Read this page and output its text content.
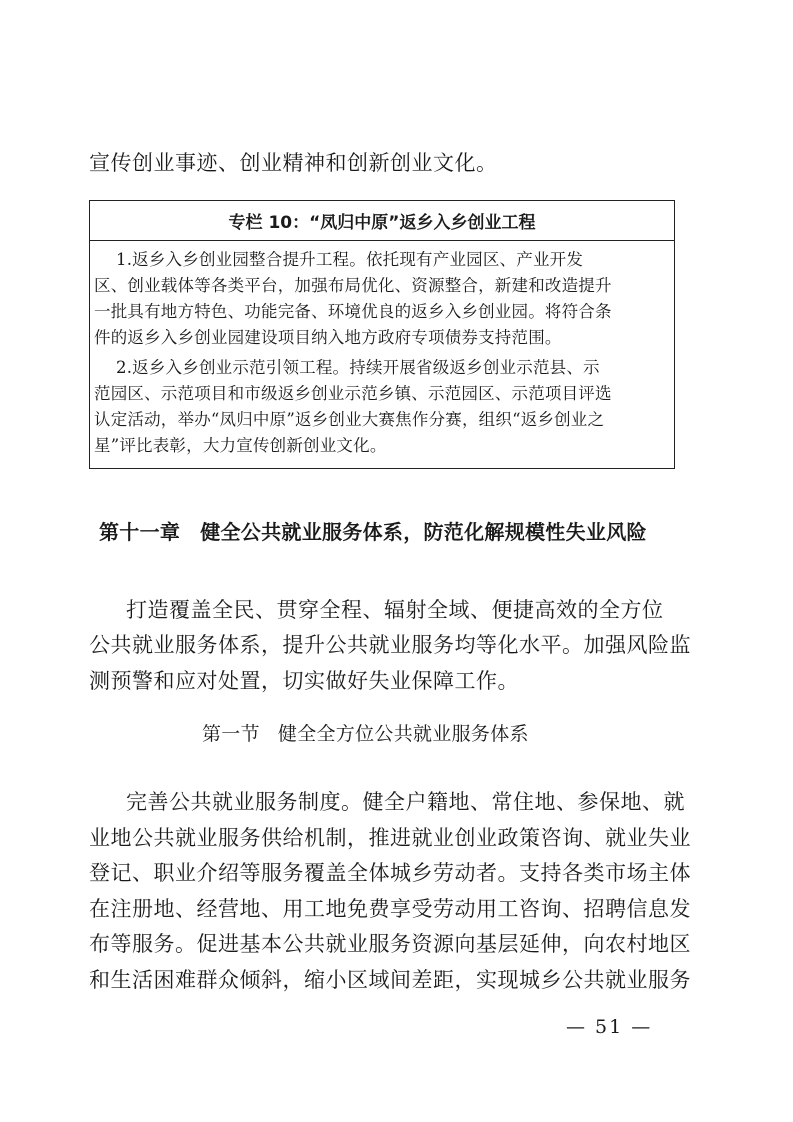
宣传创业事迹、创业精神和创新创业文化。
专栏 10：“凤归中原”返乡入乡创业工程
1.返乡入乡创业园整合提升工程。依托现有产业园区、产业开发
区、创业载体等各类平台，加强布局优化、资源整合，新建和改造提升
一批具有地方特色、功能完备、环境优良的返乡入乡创业园。将符合条
件的返乡入乡创业园建设项目纳入地方政府专项债券支持范围。
2.返乡入乡创业示范引领工程。持续开展省级返乡创业示范县、示
范园区、示范项目和市级返乡创业示范乡镇、示范园区、示范项目评选
认定活动，举办“凤归中原”返乡创业大赛焦作分赛，组织“返乡创业之
星”评比表彰，大力宣传创新创业文化。
第十一章 健全公共就业服务体系，防范化解规模性失业风险
打造覆盖全民、贯穿全程、辐射全域、便捷高效的全方位
公共就业服务体系，提升公共就业服务均等化水平。加强风险监
测预警和应对处置，切实做好失业保障工作。
第一节 健全全方位公共就业服务体系
完善公共就业服务制度。健全户籍地、常住地、参保地、就
业地公共就业服务供给机制，推进就业创业政策咨询、就业失业
登记、职业介绍等服务覆盖全体城乡劳动者。支持各类市场主体
在注册地、经营地、用工地免费享受劳动用工咨询、招聘信息发
布等服务。促进基本公共就业服务资源向基层延伸，向农村地区
和生活困难群众倾斜，缩小区域间差距，实现城乡公共就业服务
— 51 —
